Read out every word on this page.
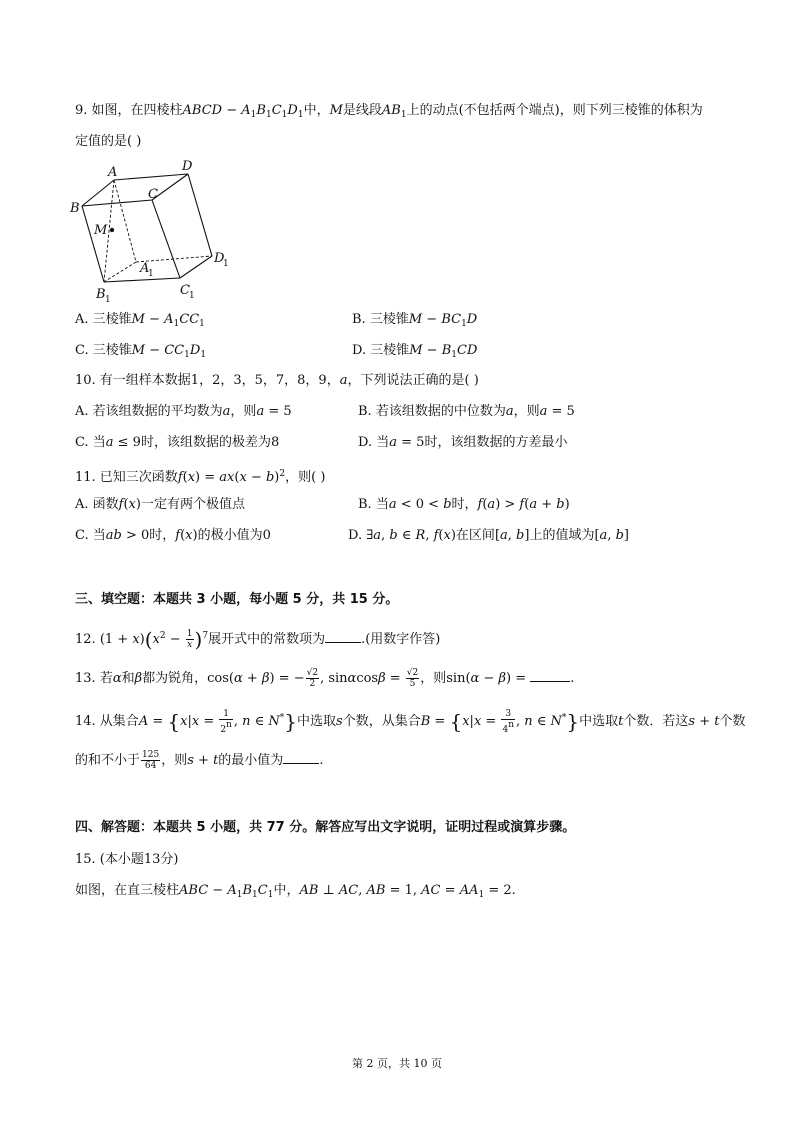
9. 如图，在四棱柱ABCD − $A_1B_1C_1D_1$中，M是线段$AB_1$上的动点(不包括两个端点)，则下列三棱锥的体积为
定值的是( )
A	D
C
B
M
A
1
D
1
B 1
C 1
A. 三棱锥$M - A_1CC_1$	B. 三棱锥$M - BC_1D$
C. 三棱锥$M - CC_1D_1$	D. 三棱锥$M - B_1CD$
10. 有一组样本数据1，2，3，5，7，8，9，a，下列说法正确的是( )
A. 若该组数据的平均数为a，则a = 5	B. 若该组数据的中位数为a，则a = 5
C. 当a ≤ 9时，该组数据的极差为8	D. 当a = 5时，该组数据的方差最小
11. 已知三次函数$f(x) = ax(x - b)^2$，则( )
A. 函数f(x)一定有两个极值点	B. 当a < 0 < b时，f(a) > f(a + b)
C. 当ab > 0时，f(x)的极小值为0	D. ∃a, b ∈ R, f(x)在区间[a, b]上的值域为[a, b]
三、填空题：本题共 3 小题，每小题 5 分，共 15 分。
12. $(1 + x)(x^2 - \frac{1}{x} )^7$展开式中的常数项为	.(用数字作答)
13. 若α和β都为锐角，cos(α + β) = − $\frac{√2}{2}$ , $\sin\alpha\cos\beta = \frac{√2}{5}$ ，则sin(α − β) =	.
14. 从集合$A = \{x|x = \frac{1}{2^n}$ , n ∈ N*}中选取s个数，从集合$B = \{x|x = \frac{3}{4^n}$ , n ∈ N*}中选取t个数．若这s + t个数
的和不小于 $\frac{125}{64}$ ，则s + t的最小值为	.
四、解答题：本题共 5 小题，共 77 分。解答应写出文字说明，证明过程或演算步骤。
15. (本小题13分)
如图，在直三棱柱ABC − $A_1B_1C_1$中，AB ⊥ AC, AB = 1, AC = $AA_1 = 2$.
第 2 页，共 10 页
